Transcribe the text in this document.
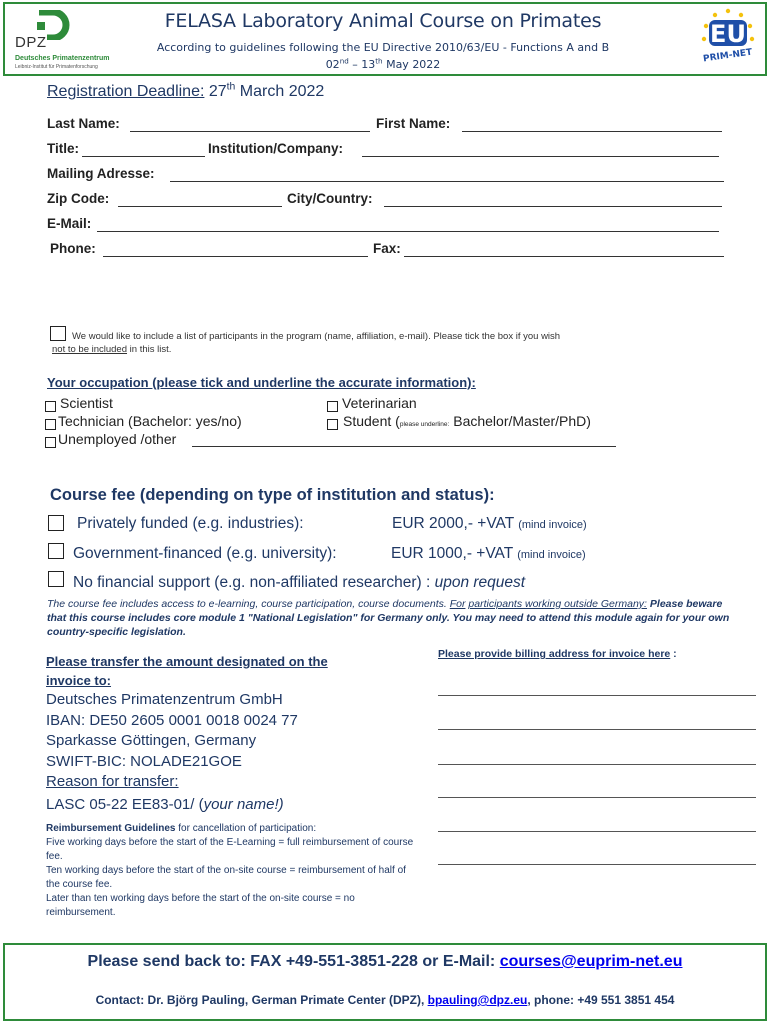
DPZ
Deutsches Primatenzentrum
Leibniz-Institut für Primatenforschung
FELASA Laboratory Animal Course on Primates
According to guidelines following the EU Directive 2010/63/EU - Functions A and B
02nd – 13th May 2022
EU
PRIM-NET
Registration Deadline: 27th March 2022
Last Name:	First Name:
Title:	Institution/Company:
Mailing Adresse:
Zip Code:	City/Country:
E-Mail:
Phone:	Fax:
We would like to include a list of participants in the program (name, affiliation, e-mail). Please tick the box if you wish
not to be included in this list.
Your occupation (please tick and underline the accurate information):
Scientist	Veterinarian
Technician (Bachelor: yes/no)	Student (please underline: Bachelor/Master/PhD)
Unemployed /other
Course fee (depending on type of institution and status):
Privately funded (e.g. industries):	EUR 2000,- +VAT (mind invoice)
Government-financed (e.g. university):	EUR 1000,- +VAT (mind invoice)
No financial support (e.g. non-affiliated researcher) : upon request
The course fee includes access to e-learning, course participation, course documents. For participants working outside Germany: Please beware that this course includes core module 1 "National Legislation" for Germany only. You may need to attend this module again for your own country-specific legislation.
Please transfer the amount designated on the
invoice to:
Deutsches Primatenzentrum GmbH
IBAN: DE50 2605 0001 0018 0024 77
Sparkasse Göttingen, Germany
SWIFT-BIC: NOLADE21GOE
Reason for transfer:
LASC 05-22 EE83-01/ (your name!)
Reimbursement Guidelines for cancellation of participation:
Five working days before the start of the E-Learning = full reimbursement of course fee.
Ten working days before the start of the on-site course = reimbursement of half of the course fee.
Later than ten working days before the start of the on-site course = no reimbursement.
Please provide billing address for invoice here :
Please send back to: FAX +49-551-3851-228 or E-Mail: courses@euprim-net.eu
Contact: Dr. Björg Pauling, German Primate Center (DPZ), bpauling@dpz.eu, phone: +49 551 3851 454
